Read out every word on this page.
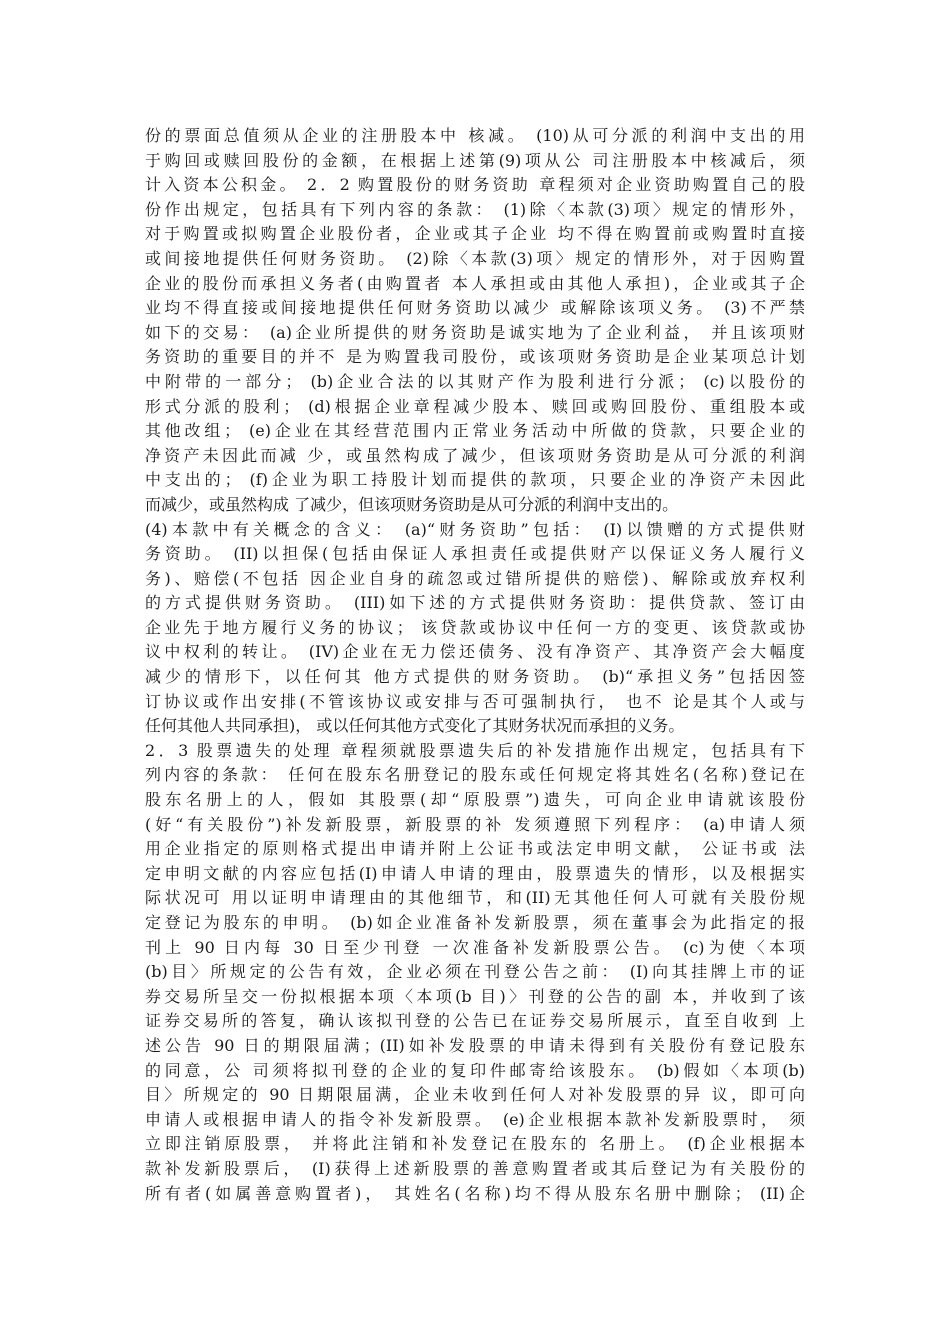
份的票面总值须从企业的注册股本中 核减。 (10)从可分派的利润中支出的用
于购回或赎回股份的金额，在根据上述第(9)项从公 司注册股本中核减后，须
计入资本公积金。 2．2 购置股份的财务资助 章程须对企业资助购置自己的股
份作出规定，包括具有下列内容的条款： (1)除〈本款(3)项〉规定的情形外，
对于购置或拟购置企业股份者，企业或其子企业 均不得在购置前或购置时直接
或间接地提供任何财务资助。 (2)除〈本款(3)项〉规定的情形外，对于因购置
企业的股份而承担义务者(由购置者 本人承担或由其他人承担)，企业或其子企
业均不得直接或间接地提供任何财务资助以减少 或解除该项义务。 (3)不严禁
如下的交易： (a)企业所提供的财务资助是诚实地为了企业利益， 并且该项财
务资助的重要目的并不 是为购置我司股份，或该项财务资助是企业某项总计划
中附带的一部分； (b)企业合法的以其财产作为股利进行分派； (c)以股份的
形式分派的股利； (d)根据企业章程减少股本、赎回或购回股份、重组股本或
其他改组； (e)企业在其经营范围内正常业务活动中所做的贷款，只要企业的
净资产未因此而减 少，或虽然构成了减少，但该项财务资助是从可分派的利润
中支出的； (f)企业为职工持股计划而提供的款项，只要企业的净资产未因此
而减少，或虽然构成 了减少，但该项财务资助是从可分派的利润中支出的。
(4)本款中有关概念的含义： (a)“财务资助”包括： (I)以馈赠的方式提供财
务资助。 (II)以担保(包括由保证人承担责任或提供财产以保证义务人履行义
务)、赔偿(不包括 因企业自身的疏忽或过错所提供的赔偿)、解除或放弃权利
的方式提供财务资助。 (III)如下述的方式提供财务资助：提供贷款、签订由
企业先于地方履行义务的协议； 该贷款或协议中任何一方的变更、该贷款或协
议中权利的转让。 (IV)企业在无力偿还债务、没有净资产、其净资产会大幅度
减少的情形下，以任何其 他方式提供的财务资助。 (b)“承担义务”包括因签
订协议或作出安排(不管该协议或安排与否可强制执行， 也不 论是其个人或与
任何其他人共同承担)， 或以任何其他方式变化了其财务状况而承担的义务。
2．3 股票遗失的处理 章程须就股票遗失后的补发措施作出规定，包括具有下
列内容的条款： 任何在股东名册登记的股东或任何规定将其姓名(名称)登记在
股东名册上的人，假如 其股票(却“原股票”)遗失，可向企业申请就该股份
(好“有关股份”)补发新股票，新股票的补 发须遵照下列程序： (a)申请人须
用企业指定的原则格式提出申请并附上公证书或法定申明文献， 公证书或 法
定申明文献的内容应包括(I)申请人申请的理由，股票遗失的情形，以及根据实
际状况可 用以证明申请理由的其他细节，和(II)无其他任何人可就有关股份规
定登记为股东的申明。 (b)如企业准备补发新股票，须在董事会为此指定的报
刊上 90 日内每 30 日至少刊登 一次准备补发新股票公告。 (c)为使〈本项
(b)目〉所规定的公告有效，企业必须在刊登公告之前： (I)向其挂牌上市的证
券交易所呈交一份拟根据本项〈本项(b 目)〉刊登的公告的副 本，并收到了该
证券交易所的答复，确认该拟刊登的公告已在证券交易所展示，直至自收到 上
述公告 90 日的期限届满；(II)如补发股票的申请未得到有关股份有登记股东
的同意，公 司须将拟刊登的企业的复印件邮寄给该股东。 (b)假如〈本项(b)
目〉所规定的 90 日期限届满，企业未收到任何人对补发股票的异 议，即可向
申请人或根据申请人的指令补发新股票。 (e)企业根据本款补发新股票时， 须
立即注销原股票， 并将此注销和补发登记在股东的 名册上。 (f)企业根据本
款补发新股票后， (I)获得上述新股票的善意购置者或其后登记为有关股份的
所有者(如属善意购置者)， 其姓名(名称)均不得从股东名册中删除； (II)企
